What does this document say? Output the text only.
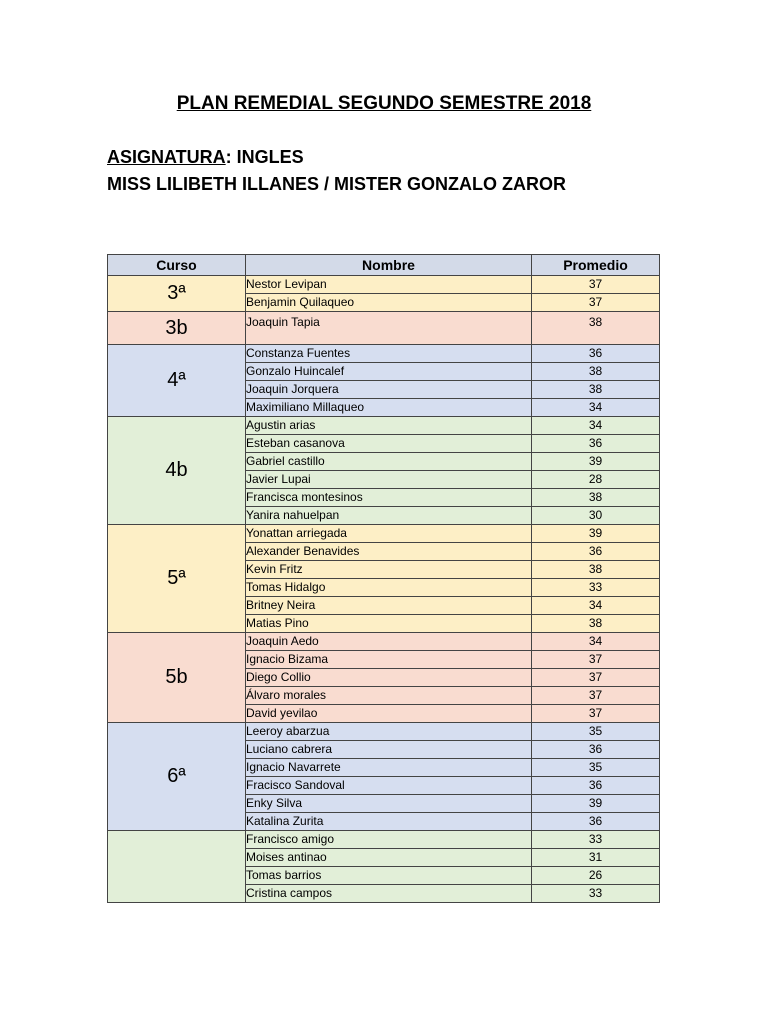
PLAN REMEDIAL SEGUNDO SEMESTRE 2018
ASIGNATURA: INGLES
MISS LILIBETH ILLANES / MISTER GONZALO ZAROR
Curso	Nombre	Promedio
3ª	Nestor Levipan	37
	Benjamin Quilaqueo	37
3b	Joaquin Tapia	38
4ª	Constanza Fuentes	36
	Gonzalo Huincalef	38
	Joaquin Jorquera	38
	Maximiliano Millaqueo	34
4b	Agustin arias	34
	Esteban casanova	36
	Gabriel castillo	39
	Javier Lupai	28
	Francisca montesinos	38
	Yanira nahuelpan	30
5ª	Yonattan arriegada	39
	Alexander Benavides	36
	Kevin Fritz	38
	Tomas Hidalgo	33
	Britney Neira	34
	Matias Pino	38
5b	Joaquin Aedo	34
	Ignacio Bizama	37
	Diego Collio	37
	Álvaro morales	37
	David yevilao	37
6ª	Leeroy abarzua	35
	Luciano cabrera	36
	Ignacio Navarrete	35
	Fracisco Sandoval	36
	Enky Silva	39
	Katalina Zurita	36
	Francisco amigo	33
	Moises antinao	31
	Tomas barrios	26
	Cristina campos	33
